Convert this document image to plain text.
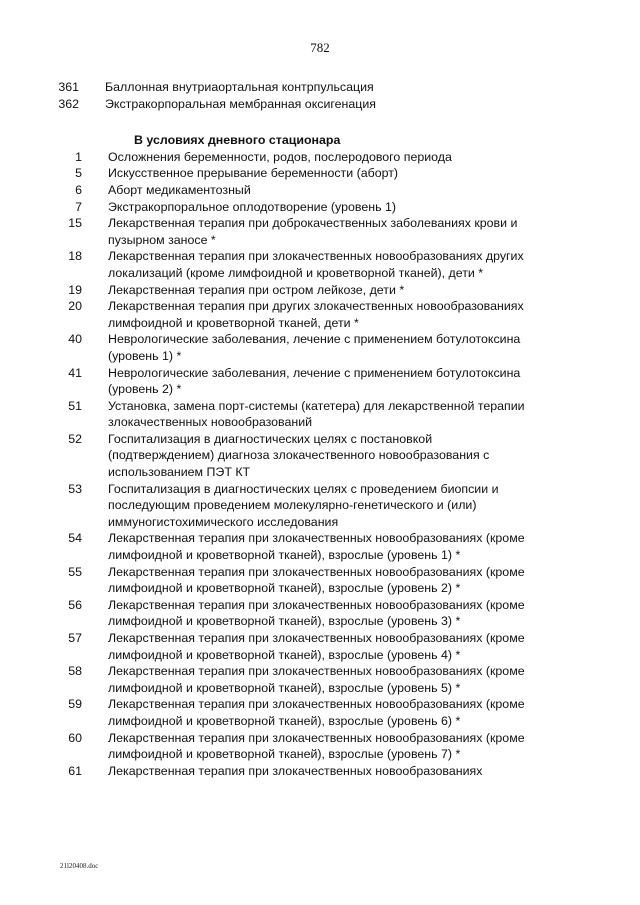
782
361	Баллонная внутриаортальная контрпульсация
362	Экстракорпоральная мембранная оксигенация
В условиях дневного стационара
1	Осложнения беременности, родов, послеродового периода
5	Искусственное прерывание беременности (аборт)
6	Аборт медикаментозный
7	Экстракорпоральное оплодотворение (уровень 1)
15	Лекарственная терапия при доброкачественных заболеваниях крови и пузырном заносе *
18	Лекарственная терапия при злокачественных новообразованиях других локализаций (кроме лимфоидной и кроветворной тканей), дети *
19	Лекарственная терапия при остром лейкозе, дети *
20	Лекарственная терапия при других злокачественных новообразованиях лимфоидной и кроветворной тканей, дети *
40	Неврологические заболевания, лечение с применением ботулотоксина (уровень 1) *
41	Неврологические заболевания, лечение с применением ботулотоксина (уровень 2) *
51	Установка, замена порт-системы (катетера) для лекарственной терапии злокачественных новообразований
52	Госпитализация в диагностических целях с постановкой (подтверждением) диагноза злокачественного новообразования с использованием ПЭТ КТ
53	Госпитализация в диагностических целях с проведением биопсии и последующим проведением молекулярно-генетического и (или) иммуногистохимического исследования
54	Лекарственная терапия при злокачественных новообразованиях (кроме лимфоидной и кроветворной тканей), взрослые (уровень 1) *
55	Лекарственная терапия при злокачественных новообразованиях (кроме лимфоидной и кроветворной тканей), взрослые (уровень 2) *
56	Лекарственная терапия при злокачественных новообразованиях (кроме лимфоидной и кроветворной тканей), взрослые (уровень 3) *
57	Лекарственная терапия при злокачественных новообразованиях (кроме лимфоидной и кроветворной тканей), взрослые (уровень 4) *
58	Лекарственная терапия при злокачественных новообразованиях (кроме лимфоидной и кроветворной тканей), взрослые (уровень 5) *
59	Лекарственная терапия при злокачественных новообразованиях (кроме лимфоидной и кроветворной тканей), взрослые (уровень 6) *
60	Лекарственная терапия при злокачественных новообразованиях (кроме лимфоидной и кроветворной тканей), взрослые (уровень 7) *
61	Лекарственная терапия при злокачественных новообразованиях
21l20408.doc
